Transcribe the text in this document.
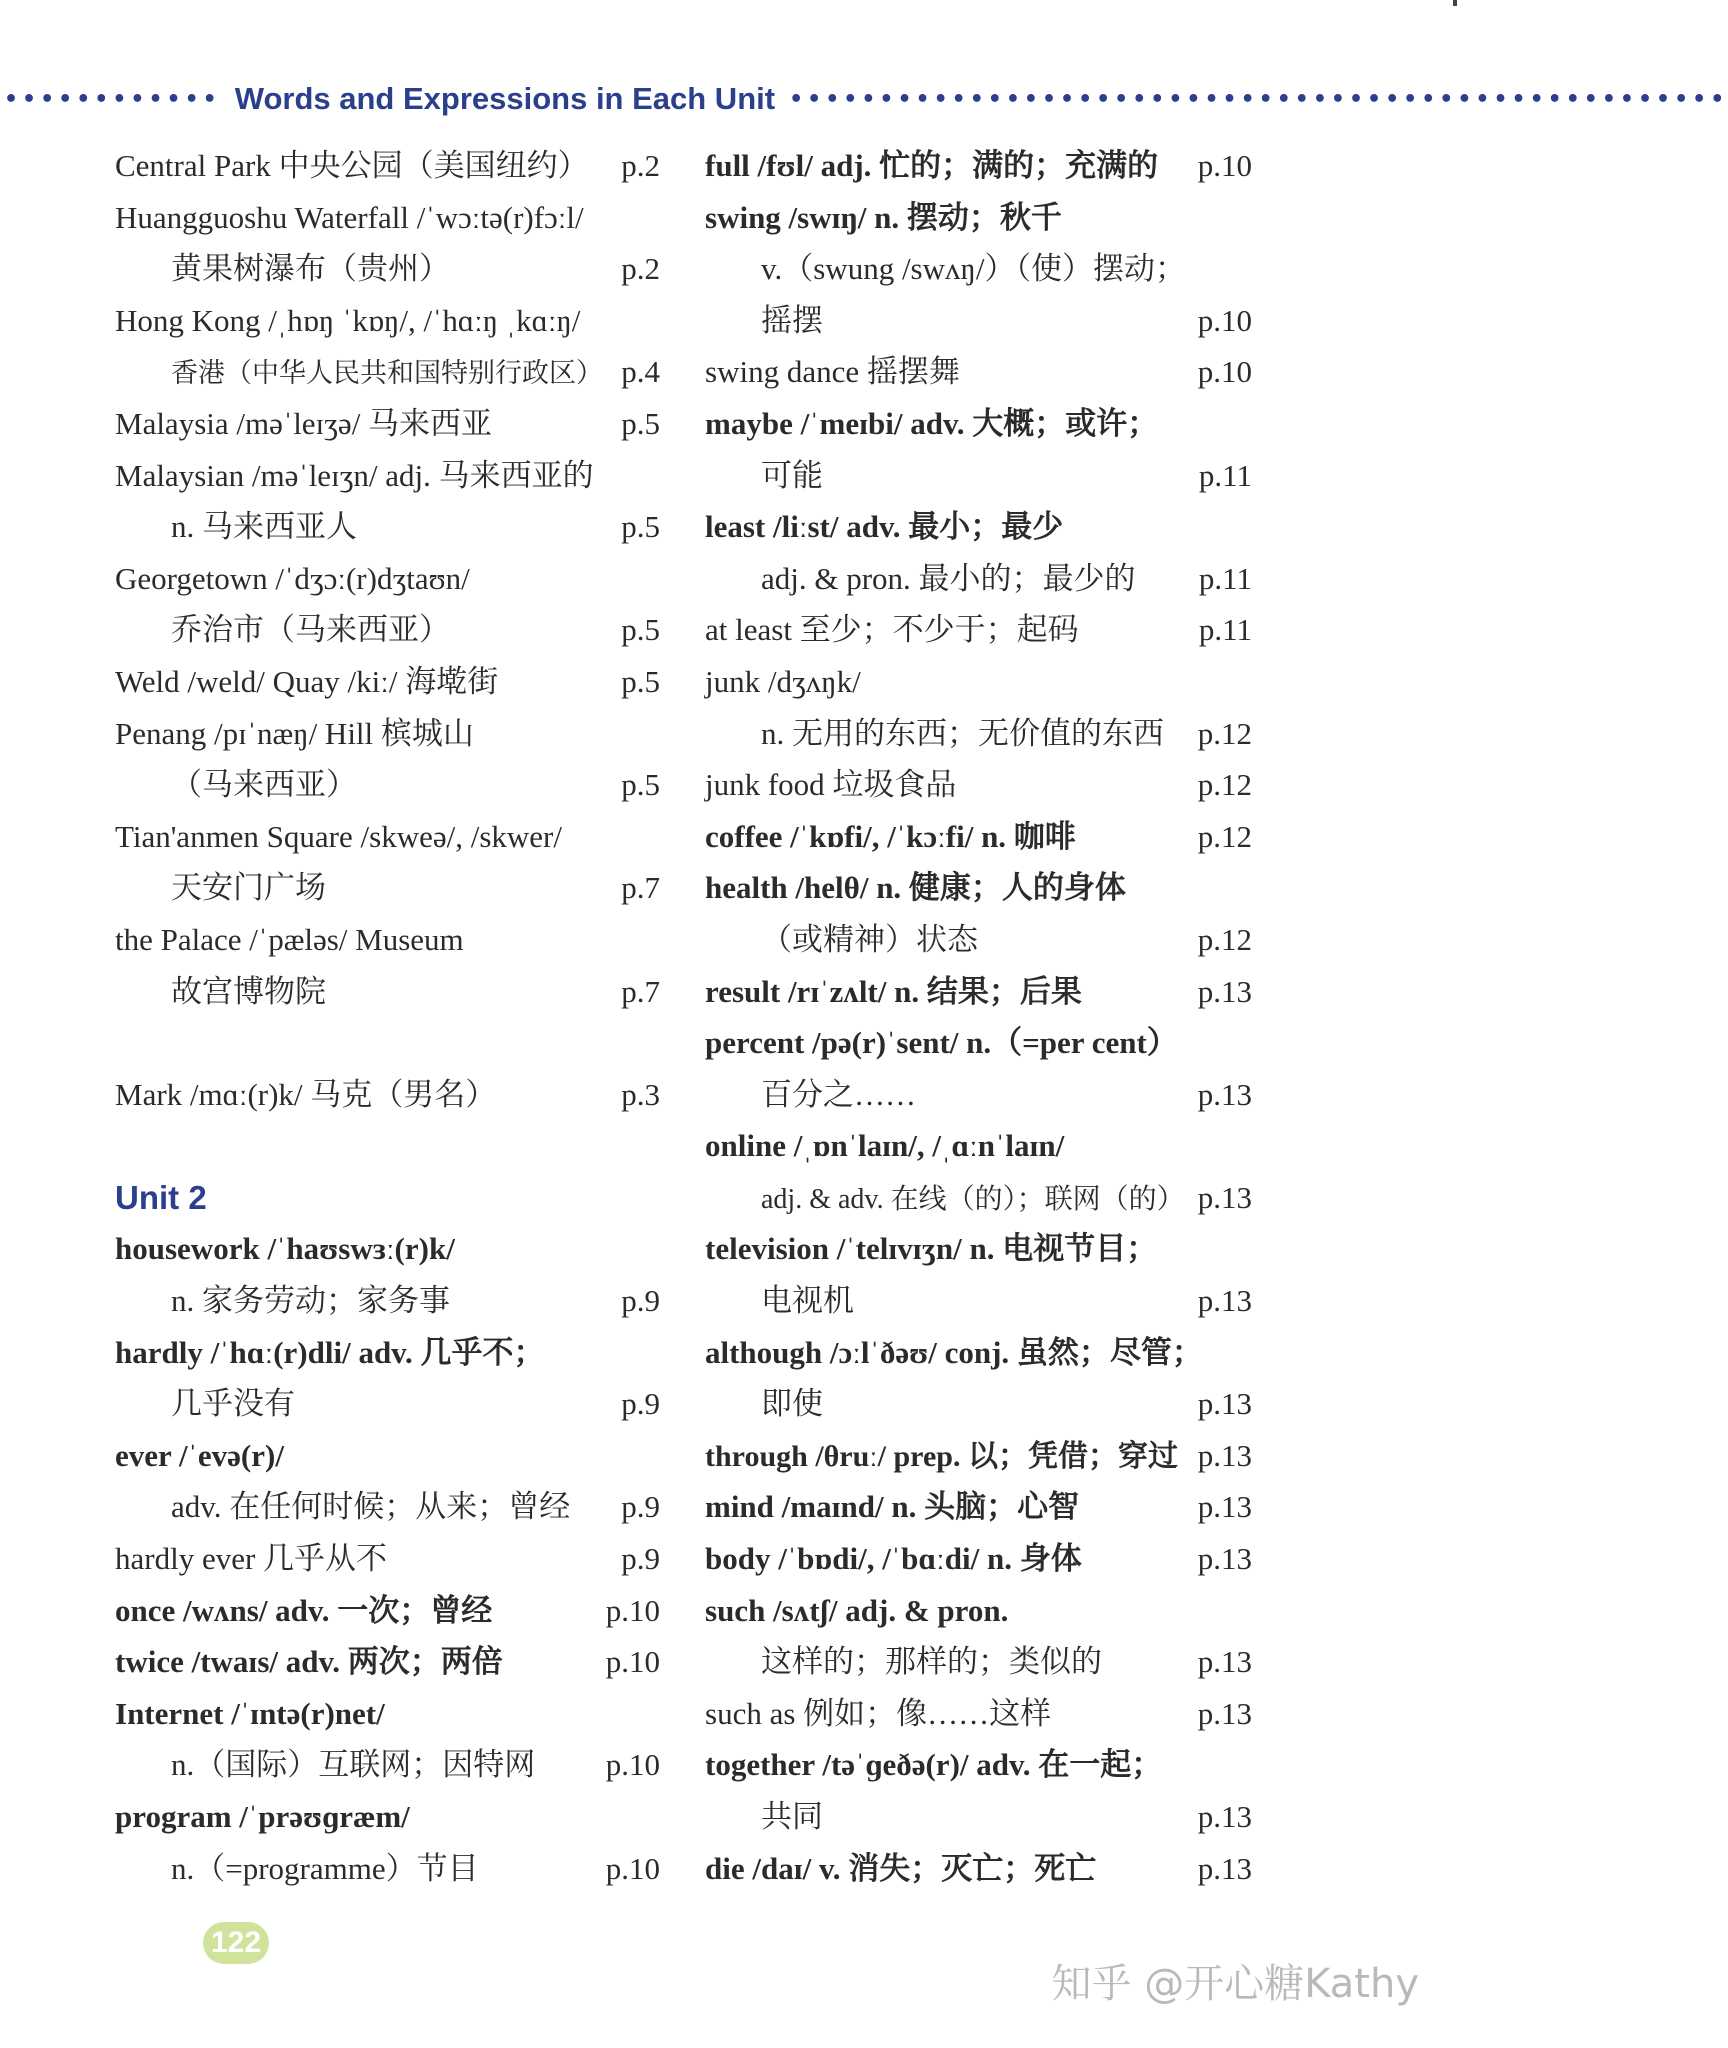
•••••••••••• Words and Expressions in Each Unit ••••••••••••••••••••••••••••••••••••••••••••••••••••
Central Park 中央公园（美国纽约） p.2
Huangguoshu Waterfall /ˈwɔːtə(r)fɔːl/
黄果树瀑布（贵州）	p.2
Hong Kong /ˌhɒŋ ˈkɒŋ/, /ˈhɑːŋ ˌkɑːŋ/
香港（中华人民共和国特别行政区） p.4
Malaysia /məˈleɪʒə/ 马来西亚	p.5
Malaysian /məˈleɪʒn/ adj. 马来西亚的
n. 马来西亚人	p.5
Georgetown /ˈdʒɔː(r)dʒtaʊn/
乔治市（马来西亚）	p.5
Weld /weld/ Quay /kiː/ 海墘街	p.5
Penang /pɪˈnæŋ/ Hill 槟城山
（马来西亚）	p.5
Tian'anmen Square /skweə/, /skwer/
天安门广场	p.7
the Palace /ˈpæləs/ Museum
故宫博物院	p.7
Mark /mɑː(r)k/ 马克（男名）	p.3
Unit 2
housework /ˈhaʊswɜː(r)k/
n. 家务劳动；家务事	p.9
hardly /ˈhɑː(r)dli/ adv. 几乎不；
几乎没有	p.9
ever /ˈevə(r)/
adv. 在任何时候；从来；曾经 p.9
hardly ever 几乎从不	p.9
once /wʌns/ adv. 一次；曾经	p.10
twice /twaɪs/ adv. 两次；两倍	p.10
Internet /ˈɪntə(r)net/
n.（国际）互联网；因特网 p.10
program /ˈprəʊɡræm/
n.（=programme）节目	p.10
full /fʊl/ adj. 忙的；满的；充满的 p.10
swing /swɪŋ/ n. 摆动；秋千
v.（swung /swʌŋ/）（使）摆动；
摇摆	p.10
swing dance 摇摆舞	p.10
maybe /ˈmeɪbi/ adv. 大概；或许；
可能	p.11
least /liːst/ adv. 最小；最少
adj. & pron. 最小的；最少的 p.11
at least 至少；不少于；起码	p.11
junk /dʒʌŋk/
n. 无用的东西；无价值的东西 p.12
junk food 垃圾食品	p.12
coffee /ˈkɒfi/, /ˈkɔːfi/ n. 咖啡	p.12
health /helθ/ n. 健康；人的身体
（或精神）状态	p.12
result /rɪˈzʌlt/ n. 结果；后果	p.13
percent /pə(r)ˈsent/ n.（=per cent）
百分之……	p.13
online /ˌɒnˈlaɪn/, /ˌɑːnˈlaɪn/
adj. & adv. 在线（的）；联网（的） p.13
television /ˈtelɪvɪʒn/ n. 电视节目；
电视机	p.13
although /ɔːlˈðəʊ/ conj. 虽然；尽管；
即使	p.13
through /θruː/ prep. 以；凭借；穿过 p.13
mind /maɪnd/ n. 头脑；心智	p.13
body /ˈbɒdi/, /ˈbɑːdi/ n. 身体	p.13
such /sʌtʃ/ adj. & pron.
这样的；那样的；类似的	p.13
such as 例如；像……这样	p.13
together /təˈɡeðə(r)/ adv. 在一起；
共同	p.13
die /daɪ/ v. 消失；灭亡；死亡	p.13
122
知乎 @开心糖Kathy
